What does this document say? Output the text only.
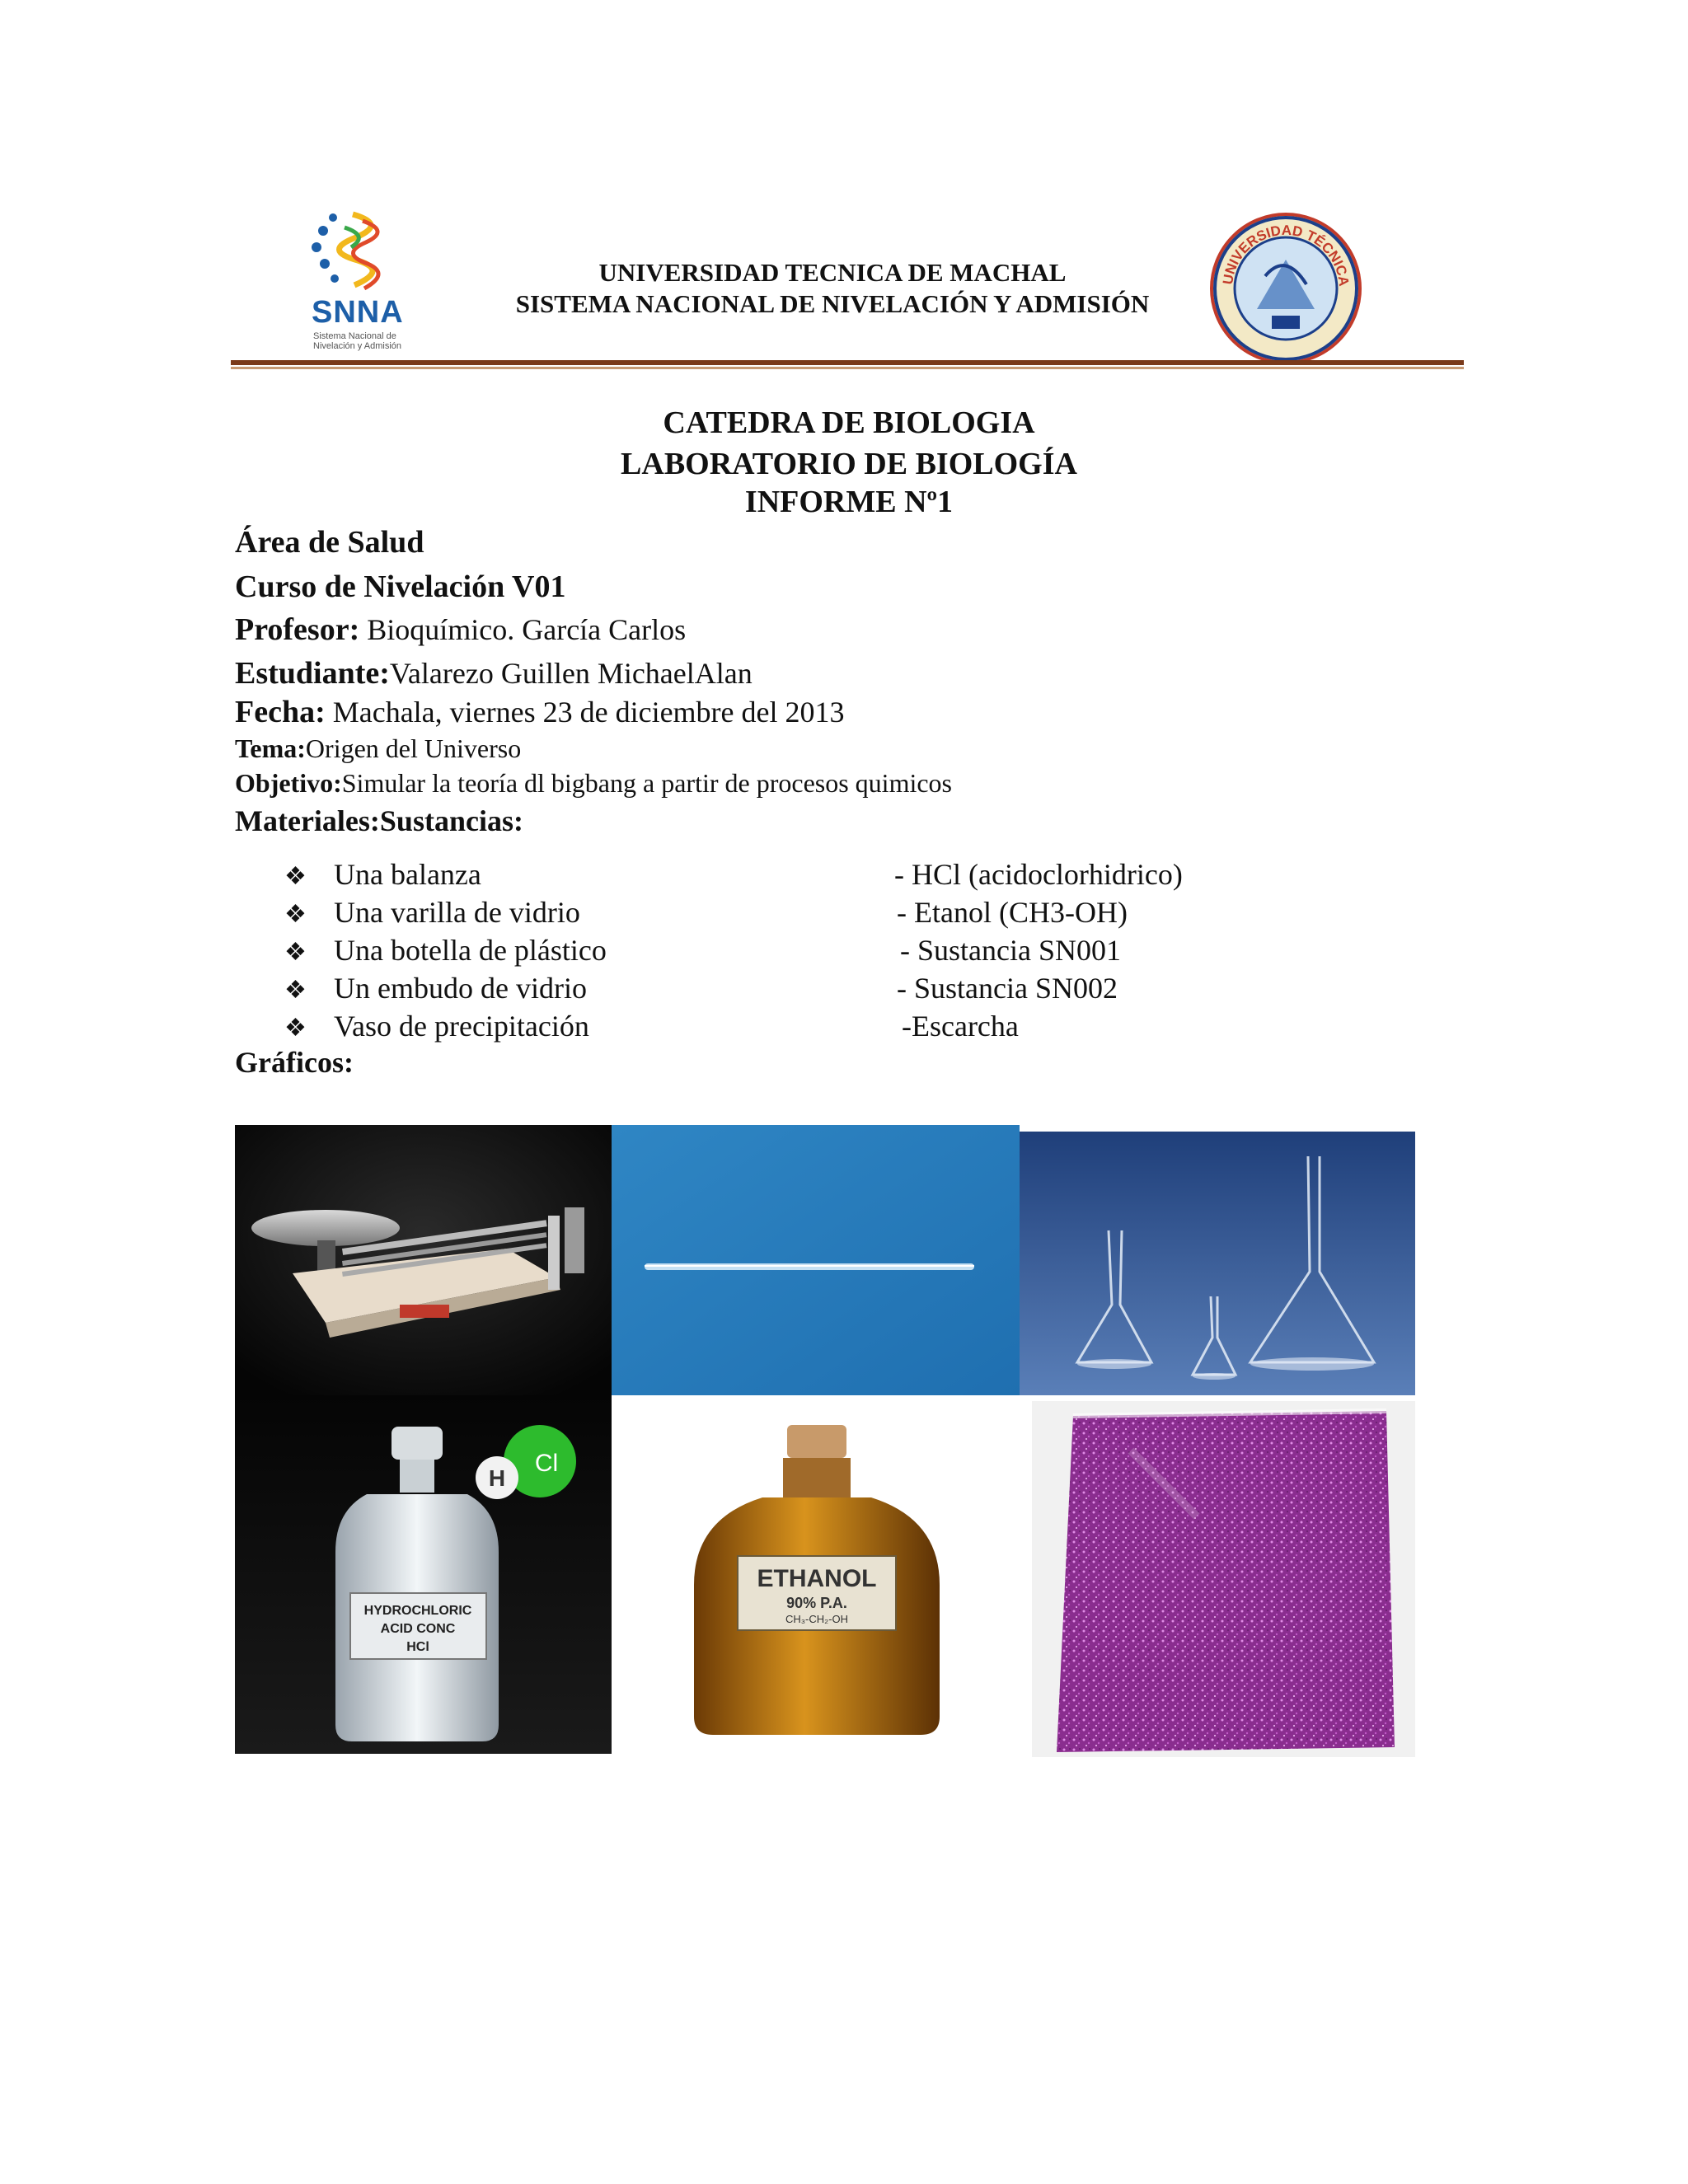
SNNA
Sistema Nacional de Nivelación y Admisión
UNIVERSIDAD TECNICA DE MACHAL
SISTEMA NACIONAL DE NIVELACIÓN Y ADMISIÓN
UNIVERSIDAD TÉCNICA
CATEDRA DE BIOLOGIA
LABORATORIO DE BIOLOGÍA
INFORME Nº1
Área de Salud
Curso de Nivelación V01
Profesor: Bioquímico. García Carlos
Estudiante:Valarezo Guillen MichaelAlan
Fecha: Machala, viernes 23 de diciembre del 2013
Tema:Origen del Universo
Objetivo:Simular la teoría dl bigbang a partir de procesos quimicos
Materiales:Sustancias:
❖ Una balanza
❖ Una varilla de vidrio
❖ Una botella de plástico
❖ Un embudo de vidrio
❖ Vaso de precipitación
- HCl (acidoclorhidrico)
- Etanol (CH3-OH)
- Sustancia SN001
- Sustancia SN002
-Escarcha
Gráficos:
HYDROCHLORIC
ACID CONC
HCl
H
Cl
ETHANOL
90% P.A.
CH₃-CH₂-OH
